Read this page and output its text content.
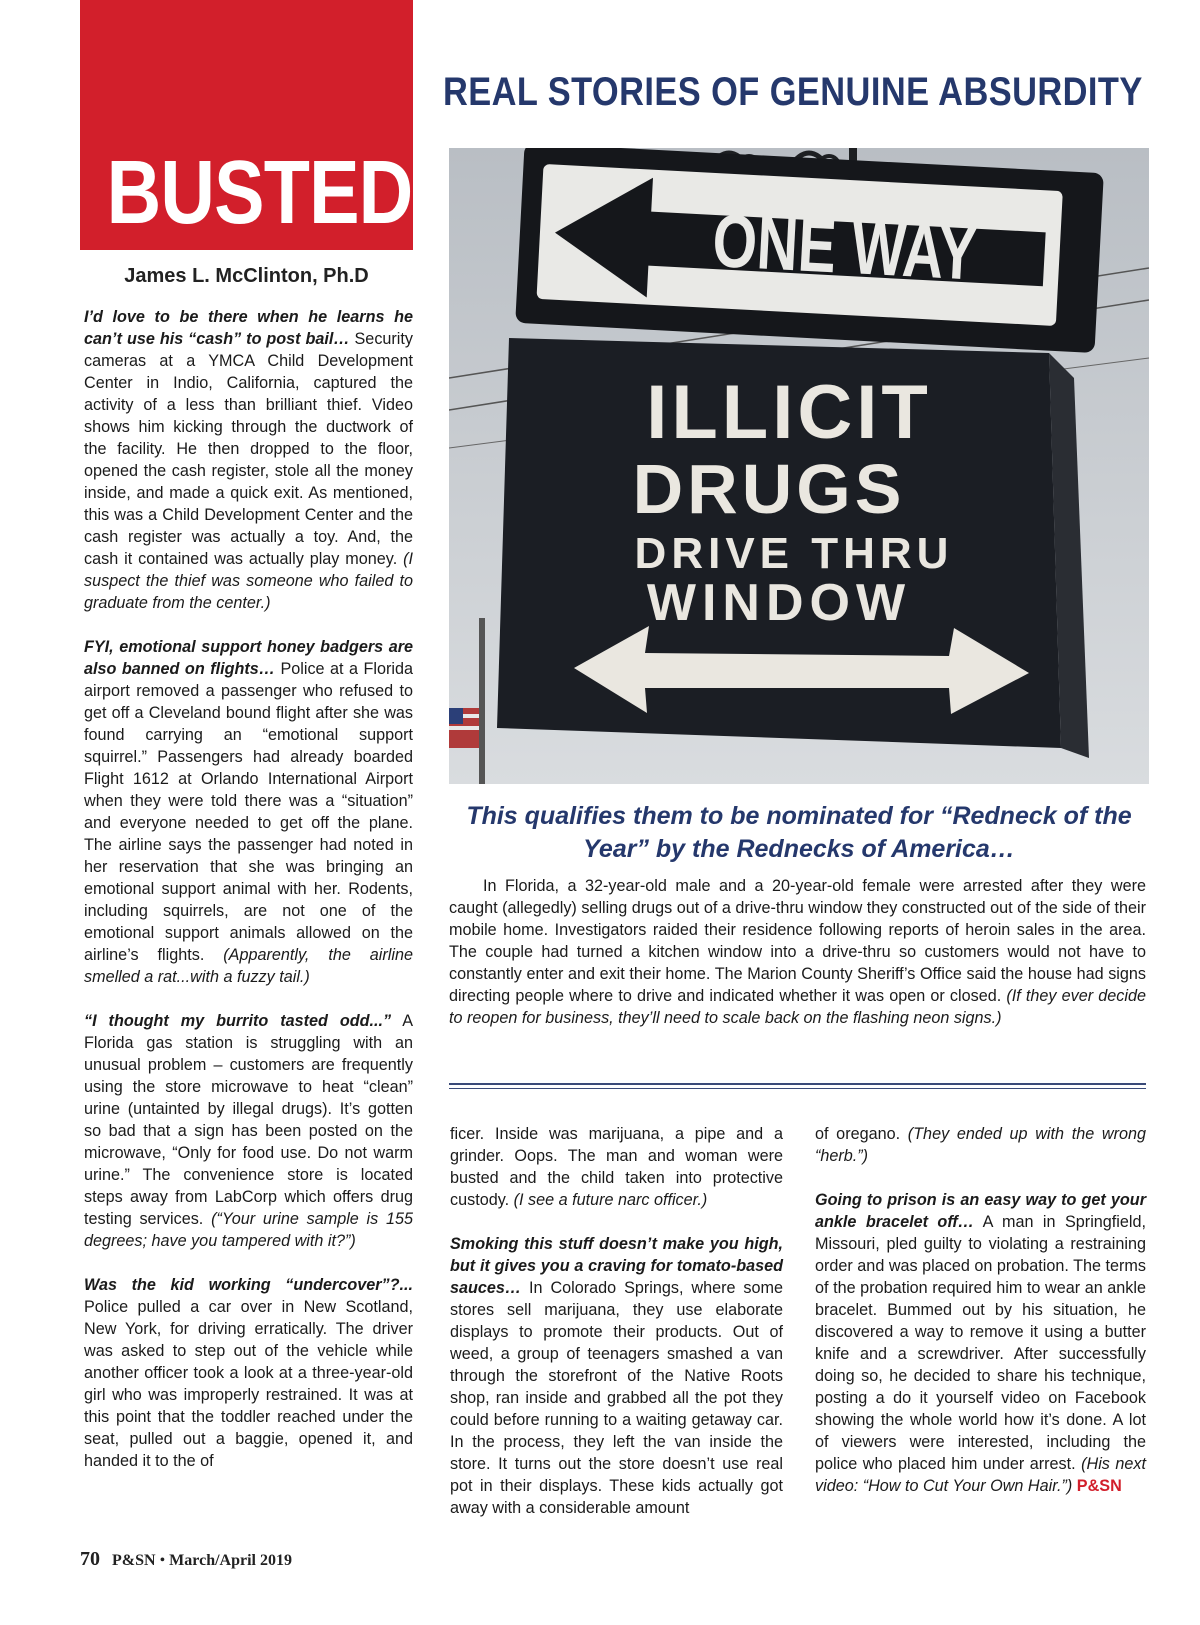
BUSTED!
REAL STORIES OF GENUINE ABSURDITY
James L. McClinton, Ph.D

I’d love to be there when he learns he can’t use his “cash” to post bail… Security cameras at a YMCA Child Development Center in Indio, California, captured the activity of a less than brilliant thief. Video shows him kicking through the ductwork of the facility. He then dropped to the floor, opened the cash register, stole all the money inside, and made a quick exit. As mentioned, this was a Child Development Center and the cash register was actually a toy. And, the cash it contained was actually play money. (I suspect the thief was someone who failed to graduate from the center.)

FYI, emotional support honey badgers are also banned on flights… Police at a Florida airport removed a passenger who refused to get off a Cleveland bound flight after she was found carrying an “emotional support squirrel.” Passengers had already boarded Flight 1612 at Orlando International Airport when they were told there was a “situation” and everyone needed to get off the plane. The airline says the passenger had noted in her reservation that she was bringing an emotional support animal with her. Rodents, including squirrels, are not one of the emotional support animals allowed on the airline’s flights. (Apparently, the airline smelled a rat...with a fuzzy tail.)

“I thought my burrito tasted odd...” A Florida gas station is struggling with an unusual problem – customers are frequently using the store microwave to heat “clean” urine (untainted by illegal drugs). It’s gotten so bad that a sign has been posted on the microwave, “Only for food use. Do not warm urine.” The convenience store is located steps away from LabCorp which offers drug testing services. (“Your urine sample is 155 degrees; have you tampered with it?”)

Was the kid working “undercover”?... Police pulled a car over in New Scotland, New York, for driving erratically. The driver was asked to step out of the vehicle while another officer took a look at a three-year-old girl who was improperly restrained. It was at this point that the toddler reached under the seat, pulled out a baggie, opened it, and handed it to the of

ONE WAY
ILLICIT
DRUGS
DRIVE THRU
WINDOW
This qualifies them to be nominated for “Redneck of the Year” by the Rednecks of America…

In Florida, a 32-year-old male and a 20-year-old female were arrested after they were caught (allegedly) selling drugs out of a drive-thru window they constructed out of the side of their mobile home. Investigators raided their residence following reports of heroin sales in the area. The couple had turned a kitchen window into a drive-thru so customers would not have to constantly enter and exit their home. The Marion County Sheriff’s Office said the house had signs directing people where to drive and indicated whether it was open or closed. (If they ever decide to reopen for business, they’ll need to scale back on the flashing neon signs.)

ficer. Inside was marijuana, a pipe and a grinder. Oops. The man and woman were busted and the child taken into protective custody. (I see a future narc officer.)

Smoking this stuff doesn’t make you high, but it gives you a craving for tomato-based sauces… In Colorado Springs, where some stores sell marijuana, they use elaborate displays to promote their products. Out of weed, a group of teenagers smashed a van through the storefront of the Native Roots shop, ran inside and grabbed all the pot they could before running to a waiting getaway car. In the process, they left the van inside the store. It turns out the store doesn’t use real pot in their displays. These kids actually got away with a considerable amount

of oregano. (They ended up with the wrong “herb.”)

Going to prison is an easy way to get your ankle bracelet off… A man in Springfield, Missouri, pled guilty to violating a restraining order and was placed on probation. The terms of the probation required him to wear an ankle bracelet. Bummed out by his situation, he discovered a way to remove it using a butter knife and a screwdriver. After successfully doing so, he decided to share his technique, posting a do it yourself video on Facebook showing the whole world how it’s done. A lot of viewers were interested, including the police who placed him under arrest. (His next video: “How to Cut Your Own Hair.”) P&SN

70 P&SN • March/April 2019
